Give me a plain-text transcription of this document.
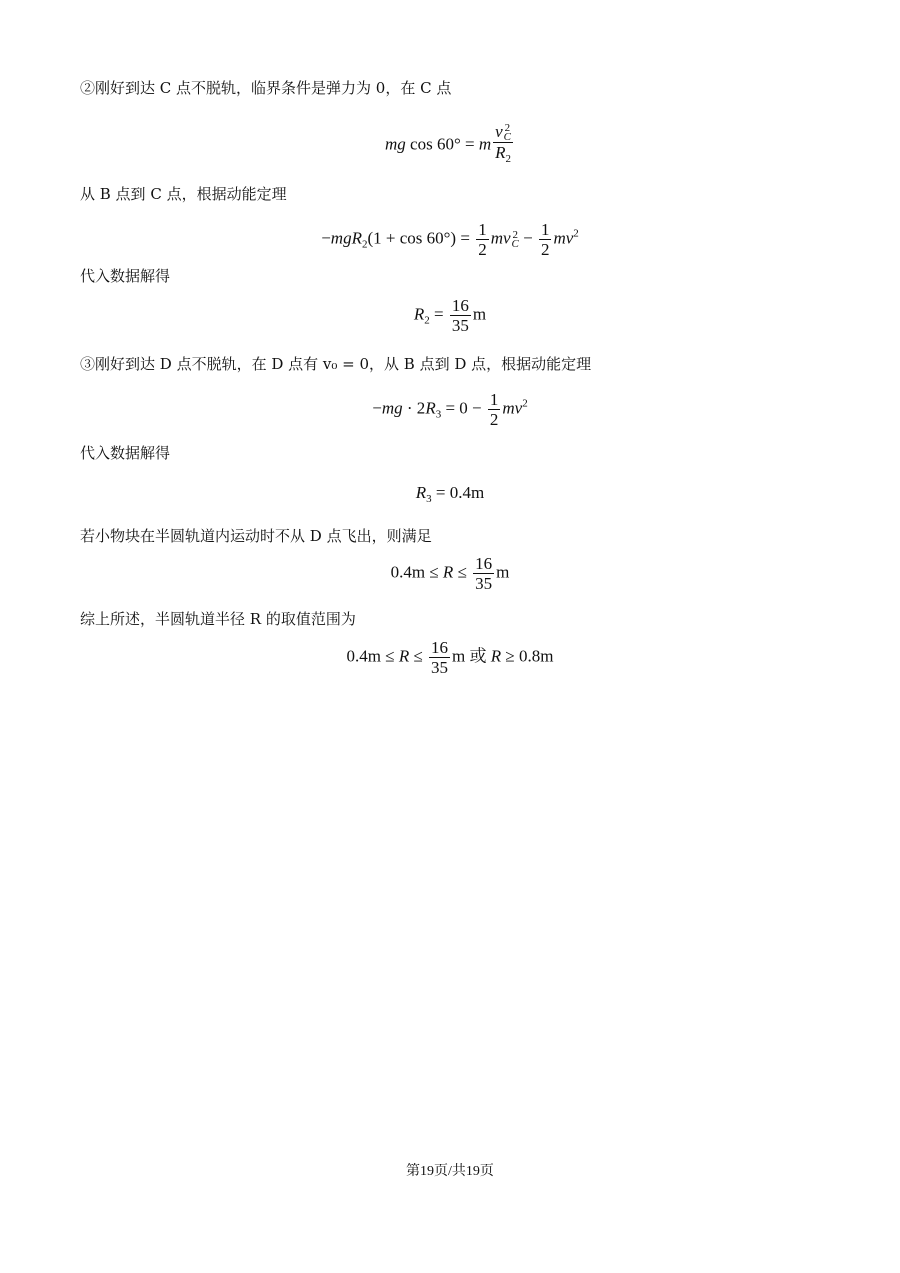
②刚好到达 C 点不脱轨，临界条件是弹力为 0，在 C 点
mg cos 60° = m v 2
C
$R_2$
从 B 点到 C 点，根据动能定理
$-mgR_2(1 + \cos 60^\circ) = \frac{1}{2}$ mv 2
$C - \frac{1}{2} mv^2$
代入数据解得
$R_2 = \frac{16}{35}$ m
③刚好到达 D 点不脱轨，在 D 点有 v₀ = 0，从 B 点到 D 点，根据动能定理
$-mg \cdot 2R_3 = 0 - \frac{1}{2} mv^2$
代入数据解得
$R_3 = 0.4m$
若小物块在半圆轨道内运动时不从 D 点飞出，则满足
$0.4m \le R \le \frac{16}{35}$ m
综上所述，半圆轨道半径 R 的取值范围为
$0.4m \le R \le \frac{16}{35}$ m 或 R ≥ 0.8m
第19页/共19页
